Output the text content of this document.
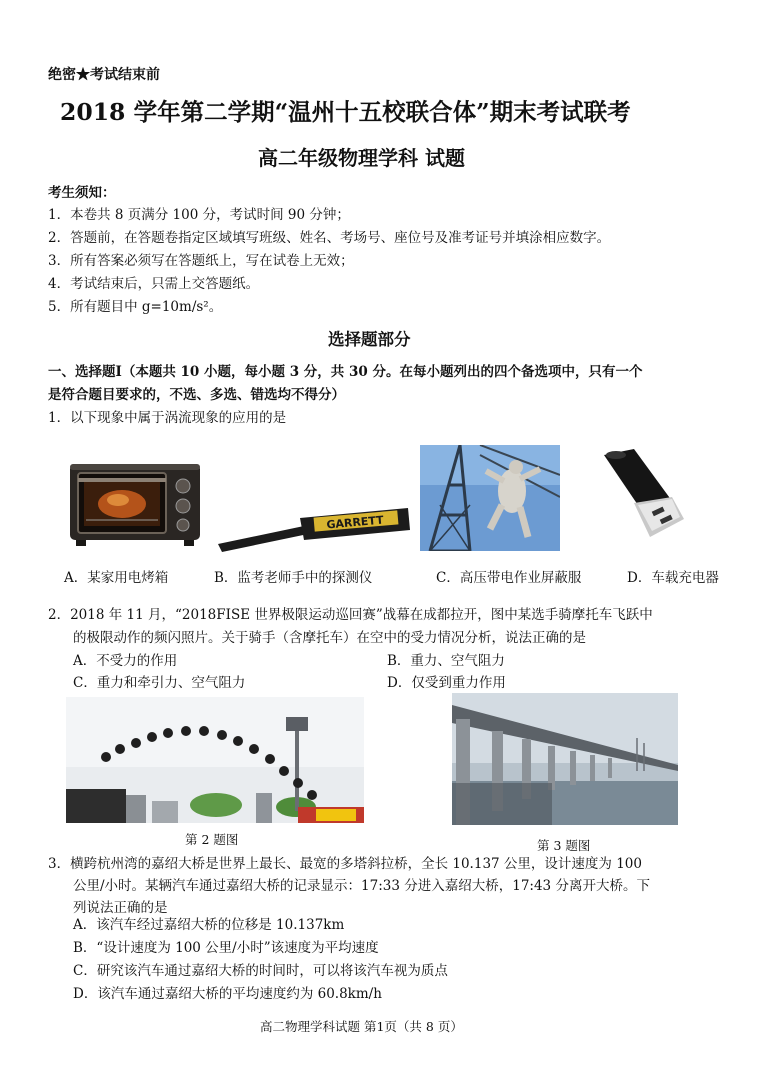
绝密★考试结束前
2018 学年第二学期“温州十五校联合体”期末考试联考
高二年级物理学科 试题
考生须知：
1．本卷共 8 页满分 100 分，考试时间 90 分钟；
2．答题前，在答题卷指定区域填写班级、姓名、考场号、座位号及准考证号并填涂相应数字。
3．所有答案必须写在答题纸上，写在试卷上无效；
4．考试结束后，只需上交答题纸。
5．所有题目中 g=10m/s²。
选择题部分
一、选择题Ⅰ（本题共 10 小题，每小题 3 分，共 30 分。在每小题列出的四个备选项中，只有一个
是符合题目要求的，不选、多选、错选均不得分）
1．以下现象中属于涡流现象的应用的是
GARRETT
A．某家用电烤箱	B．监考老师手中的探测仪	C．高压带电作业屏蔽服	D．车载充电器
2．2018 年 11 月，“2018FISE 世界极限运动巡回赛”战幕在成都拉开，图中某选手骑摩托车飞跃中
的极限动作的频闪照片。关于骑手（含摩托车）在空中的受力情况分析，说法正确的是
A．不受力的作用	B．重力、空气阻力
C．重力和牵引力、空气阻力	D．仅受到重力作用
第 2 题图	第 3 题图
3．横跨杭州湾的嘉绍大桥是世界上最长、最宽的多塔斜拉桥，全长 10.137 公里，设计速度为 100
公里/小时。某辆汽车通过嘉绍大桥的记录显示：17:33 分进入嘉绍大桥，17:43 分离开大桥。下
列说法正确的是
A．该汽车经过嘉绍大桥的位移是 10.137km
B．“设计速度为 100 公里/小时”该速度为平均速度
C．研究该汽车通过嘉绍大桥的时间时，可以将该汽车视为质点
D．该汽车通过嘉绍大桥的平均速度约为 60.8km/h
高二物理学科试题 第1页（共 8 页）
